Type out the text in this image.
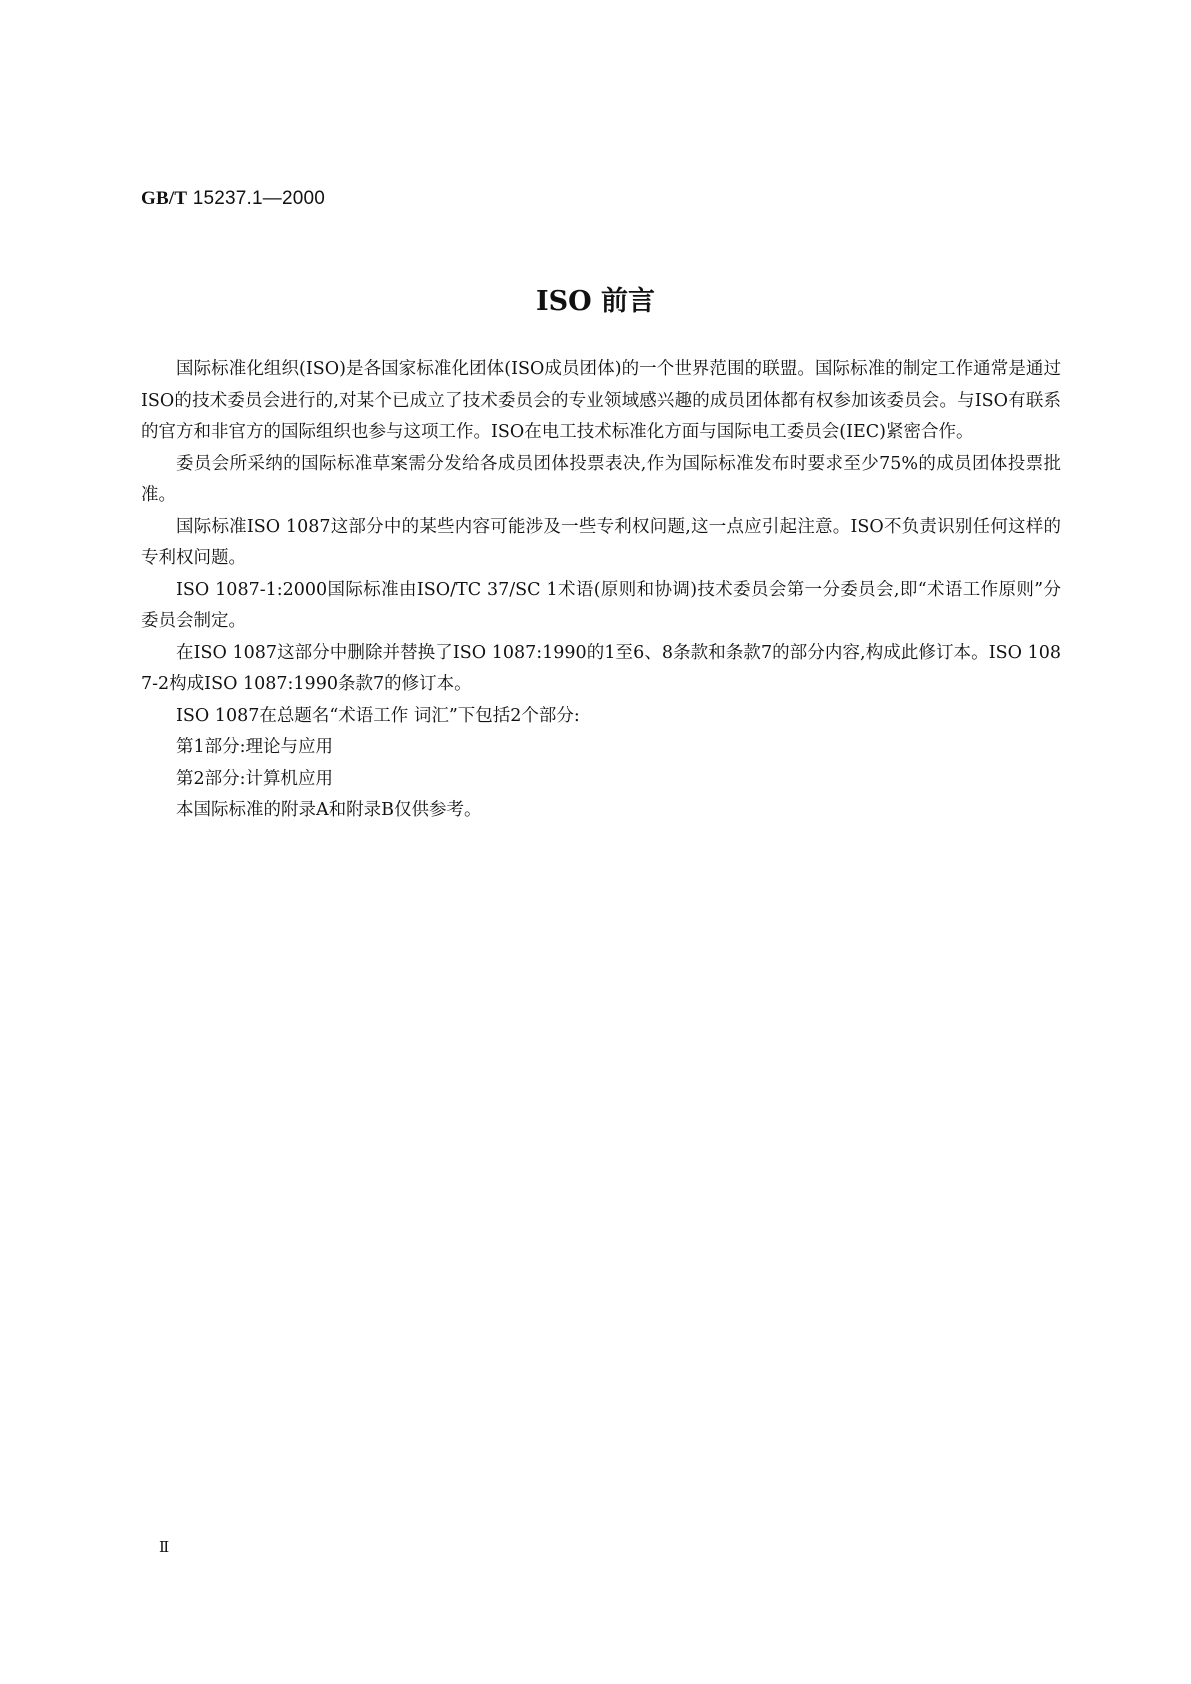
GB/T 15237.1—2000
ISO 前言

国际标准化组织(ISO)是各国家标准化团体(ISO成员团体)的一个世界范围的联盟。国际标准的制定工作通常是通过ISO的技术委员会进行的,对某个已成立了技术委员会的专业领域感兴趣的成员团体都有权参加该委员会。与ISO有联系的官方和非官方的国际组织也参与这项工作。ISO在电工技术标准化方面与国际电工委员会(IEC)紧密合作。

委员会所采纳的国际标准草案需分发给各成员团体投票表决,作为国际标准发布时要求至少75%的成员团体投票批准。

国际标准ISO 1087这部分中的某些内容可能涉及一些专利权问题,这一点应引起注意。ISO不负责识别任何这样的专利权问题。

ISO 1087-1:2000国际标准由ISO/TC 37/SC 1术语(原则和协调)技术委员会第一分委员会,即“术语工作原则”分委员会制定。

在ISO 1087这部分中删除并替换了ISO 1087:1990的1至6、8条款和条款7的部分内容,构成此修订本。ISO 1087-2构成ISO 1087:1990条款7的修订本。

ISO 1087在总题名“术语工作 词汇”下包括2个部分:

第1部分:理论与应用

第2部分:计算机应用

本国际标准的附录A和附录B仅供参考。

Ⅱ
